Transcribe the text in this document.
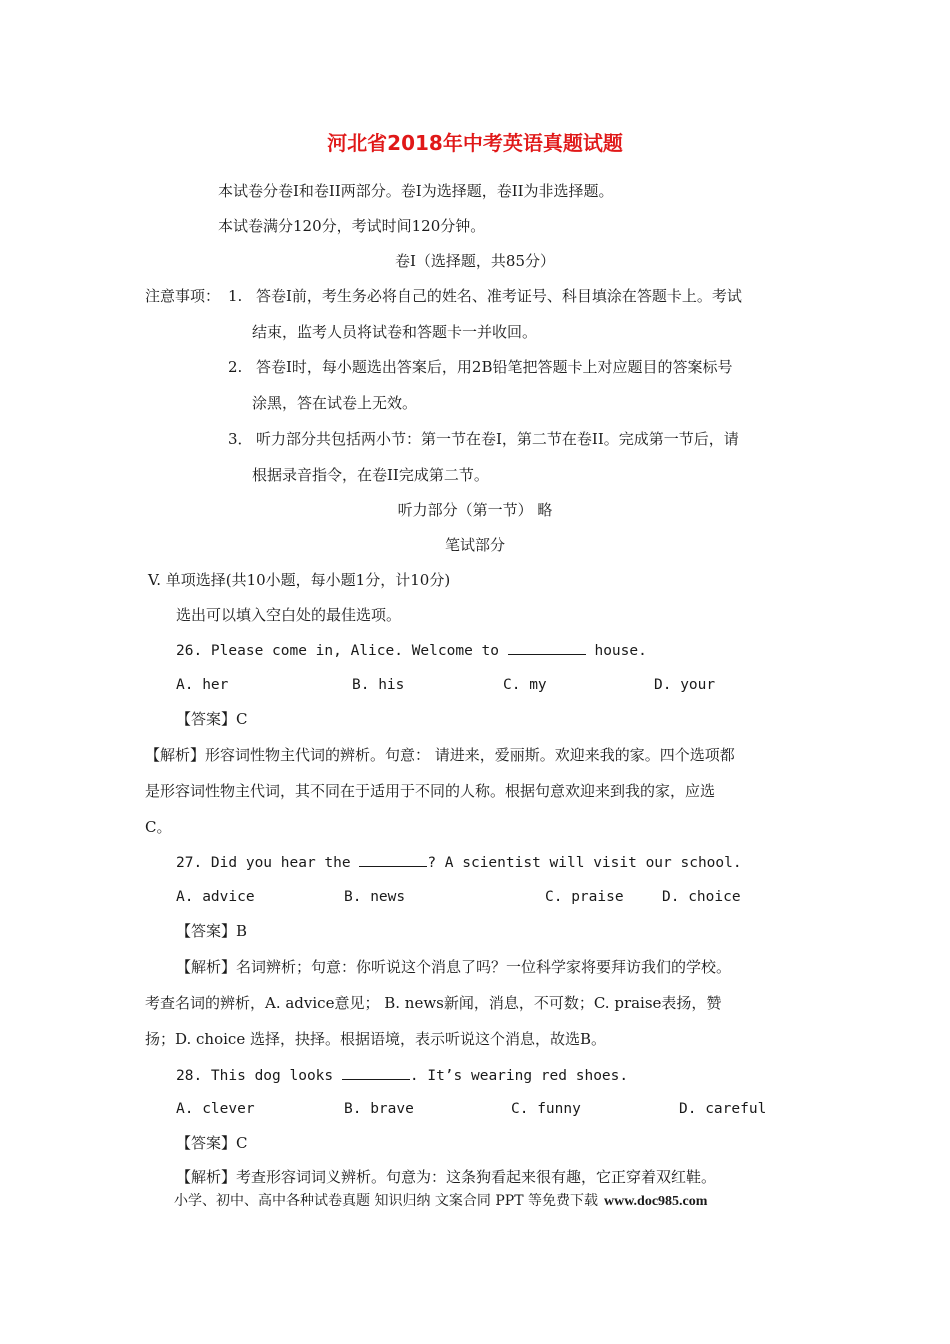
河北省2018年中考英语真题试题
本试卷分卷I和卷II两部分。卷I为选择题，卷II为非选择题。
本试卷满分120分，考试时间120分钟。
卷I（选择题，共85分）
注意事项： 1. 答卷I前，考生务必将自己的姓名、准考证号、科目填涂在答题卡上。考试
结束，监考人员将试卷和答题卡一并收回。
2. 答卷I时，每小题选出答案后，用2B铅笔把答题卡上对应题目的答案标号
涂黑，答在试卷上无效。
3． 听力部分共包括两小节：第一节在卷I，第二节在卷II。完成第一节后，请
根据录音指令，在卷II完成第二节。
听力部分（第一节） 略
笔试部分
V. 单项选择(共10小题，每小题1分，计10分)
选出可以填入空白处的最佳选项。
26. Please come in, Alice. Welcome to	house.
A. her	B. his	C. my	D. your
【答案】C
【解析】形容词性物主代词的辨析。句意： 请进来，爱丽斯。欢迎来我的家。四个选项都
是形容词性物主代词，其不同在于适用于不同的人称。根据句意欢迎来到我的家，应选
C。
27. Did you hear the	? A scientist will visit our school.
A. advice	B. news	C. praise	D. choice
【答案】B
【解析】名词辨析；句意：你听说这个消息了吗？一位科学家将要拜访我们的学校。
考查名词的辨析，A. advice意见； B. news新闻，消息，不可数；C. praise表扬，赞
扬；D. choice 选择，抉择。根据语境，表示听说这个消息，故选B。
28. This dog looks	. It’s wearing red shoes.
A. clever	B. brave	C. funny	D. careful
【答案】C
【解析】考查形容词词义辨析。句意为：这条狗看起来很有趣，它正穿着双红鞋。
小学、初中、高中各种试卷真题 知识归纳 文案合同 PPT 等免费下载 www.doc985.com
